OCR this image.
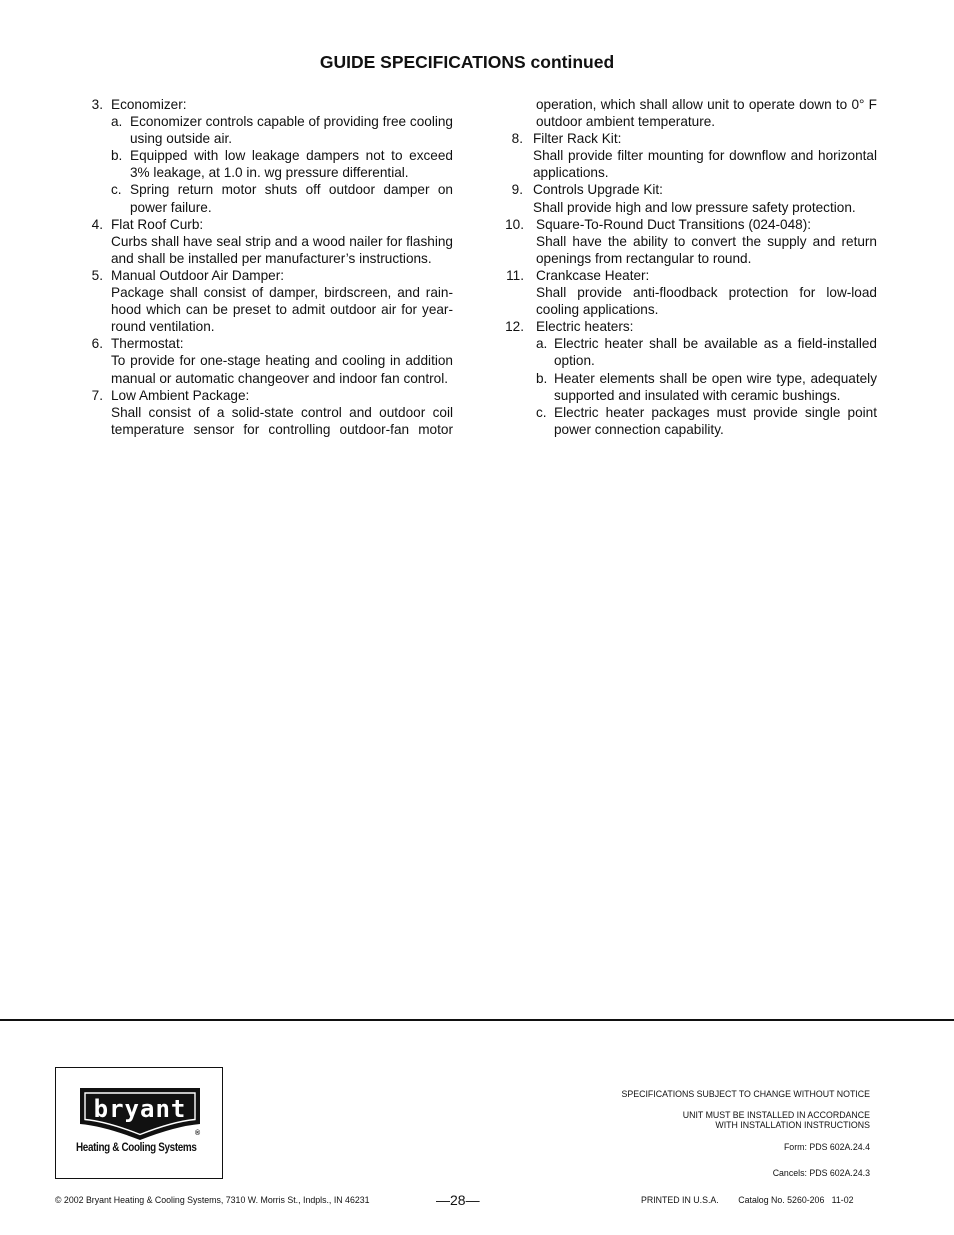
GUIDE SPECIFICATIONS continued
3. Economizer:
a. Economizer controls capable of providing free cooling using outside air.
b. Equipped with low leakage dampers not to exceed 3% leakage, at 1.0 in. wg pressure differential.
c. Spring return motor shuts off outdoor damper on power failure.
4. Flat Roof Curb:
Curbs shall have seal strip and a wood nailer for flashing and shall be installed per manufacturer’s instructions.
5. Manual Outdoor Air Damper:
Package shall consist of damper, birdscreen, and rainhood which can be preset to admit outdoor air for year-round ventilation.
6. Thermostat:
To provide for one-stage heating and cooling in addition manual or automatic changeover and indoor fan control.
7. Low Ambient Package:
Shall consist of a solid-state control and outdoor coil temperature sensor for controlling outdoor-fan motor
operation, which shall allow unit to operate down to 0° F outdoor ambient temperature.
8. Filter Rack Kit:
Shall provide filter mounting for downflow and horizontal applications.
9. Controls Upgrade Kit:
Shall provide high and low pressure safety protection.
10. Square-To-Round Duct Transitions (024-048):
Shall have the ability to convert the supply and return openings from rectangular to round.
11. Crankcase Heater:
Shall provide anti-floodback protection for low-load cooling applications.
12. Electric heaters:
a. Electric heater shall be available as a field-installed option.
b. Heater elements shall be open wire type, adequately supported and insulated with ceramic bushings.
c. Electric heater packages must provide single point power connection capability.
bryant
®
Heating & Cooling Systems
SPECIFICATIONS SUBJECT TO CHANGE WITHOUT NOTICE
UNIT MUST BE INSTALLED IN ACCORDANCE
WITH INSTALLATION INSTRUCTIONS
Form: PDS 602A.24.4
Cancels: PDS 602A.24.3
© 2002 Bryant Heating & Cooling Systems, 7310 W. Morris St., Indpls., IN 46231	—28—	PRINTED IN U.S.A.        Catalog No. 5260-206   11-02
